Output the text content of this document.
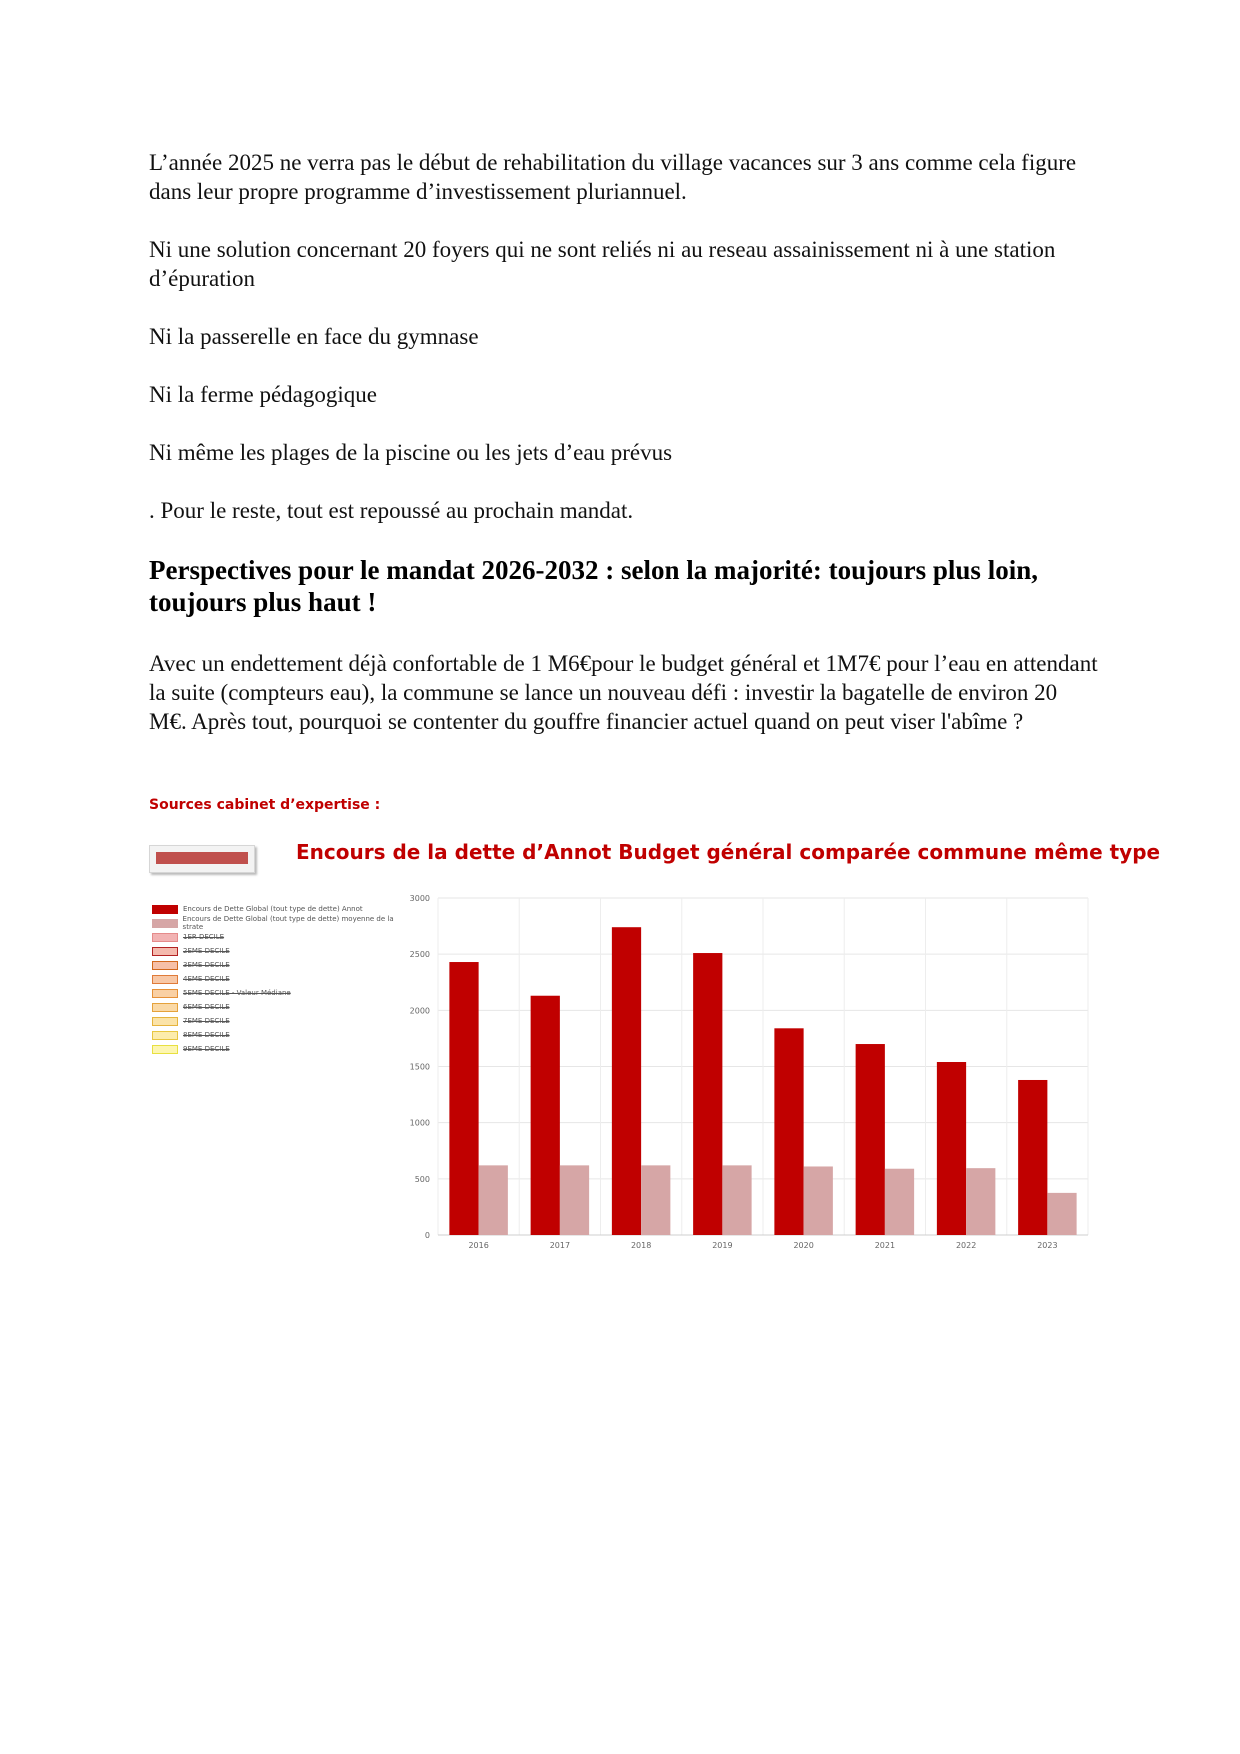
L’année 2025 ne verra pas le début de rehabilitation du village vacances sur 3 ans comme cela figure dans leur propre programme d’investissement pluriannuel.
Ni une solution concernant 20 foyers qui ne sont reliés ni au reseau assainissement ni à une station d’épuration
Ni la passerelle en face du gymnase
Ni la ferme pédagogique
Ni même les plages de la piscine ou les jets d’eau prévus
. Pour le reste, tout est repoussé au prochain mandat.
Perspectives pour le mandat 2026-2032 : selon la majorité: toujours plus loin, toujours plus haut !
Avec un endettement déjà confortable de 1 M6€pour le budget général et 1M7€ pour l’eau en attendant la suite (compteurs eau), la commune se lance un nouveau défi : investir la bagatelle de environ 20 M€. Après tout, pourquoi se contenter du gouffre financier actuel quand on peut viser l'abîme ?
Sources cabinet d’expertise :
Encours de la dette d’Annot Budget général comparée commune même type
Encours de Dette Global (tout type de dette) Annot
Encours de Dette Global (tout type de dette) moyenne de la strate
1ER DECILE
2EME DECILE
3EME DECILE
4EME DECILE
5EME DECILE - Valeur Médiane
6EME DECILE
7EME DECILE
8EME DECILE
9EME DECILE
0
500
1000
1500
2000
2500
3000
2016	2017	2018	2019	2020	2021	2022	2023
